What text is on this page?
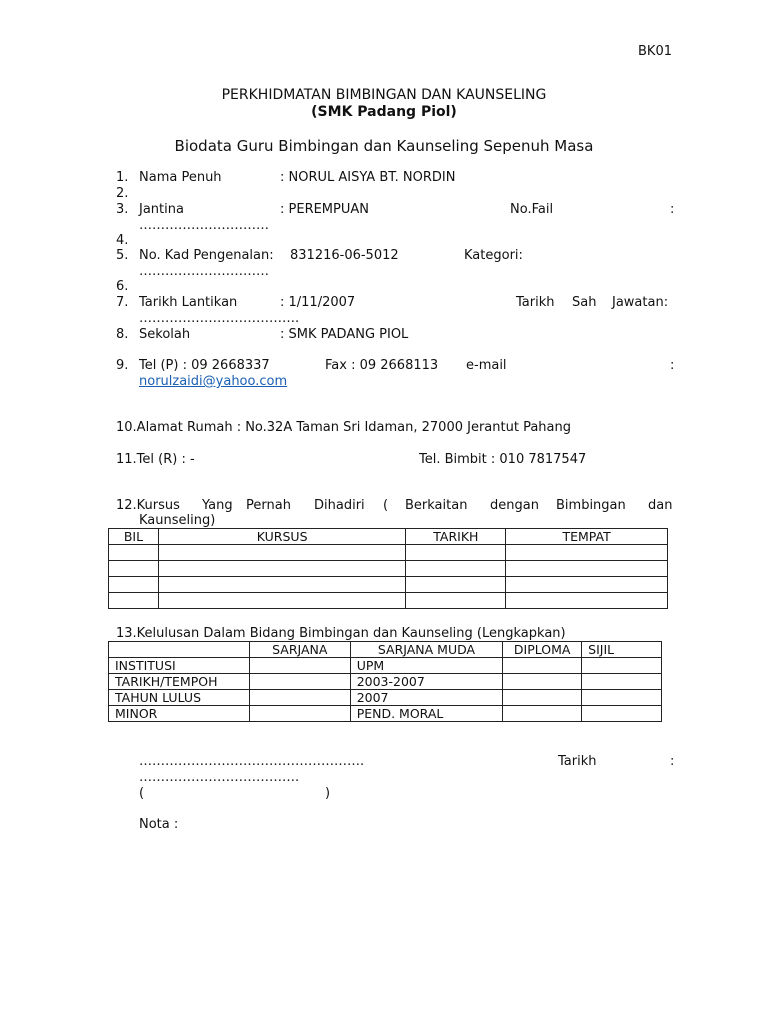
BK01
PERKHIDMATAN BIMBINGAN DAN KAUNSELING
(SMK Padang Piol)
Biodata Guru Bimbingan dan Kaunseling Sepenuh Masa
1. Nama Penuh	: NORUL AISYA BT. NORDIN
2.
3. Jantina	: PEREMPUAN	No.Fail	:
…………………………
4.
5. No. Kad Pengenalan: 831216-06-5012	Kategori:
…………………………
6.
7. Tarikh Lantikan	: 1/11/2007	Tarikh Sah Jawatan:
……………………………….
8. Sekolah	: SMK PADANG PIOL
9. Tel (P) : 09 2668337	Fax : 09 2668113 e-mail	:
norulzaidi@yahoo.com
10.Alamat Rumah : No.32A Taman Sri Idaman, 27000 Jerantut Pahang
11.Tel (R) : -	Tel. Bimbit : 010 7817547
12.Kursus Yang Pernah Dihadiri ( Berkaitan dengan Bimbingan dan
Kaunseling)
BIL	KURSUS	TARIKH	TEMPAT

13.Kelulusan Dalam Bidang Bimbingan dan Kaunseling (Lengkapkan)
	SARJANA	SARJANA MUDA	DIPLOMA	SIJIL
INSTITUSI		UPM		
TARIKH/TEMPOH		2003-2007		
TAHUN LULUS		2007		
MINOR		PEND. MORAL		
…………………………………………….	Tarikh	:
……………………………….
(	)
Nota :
